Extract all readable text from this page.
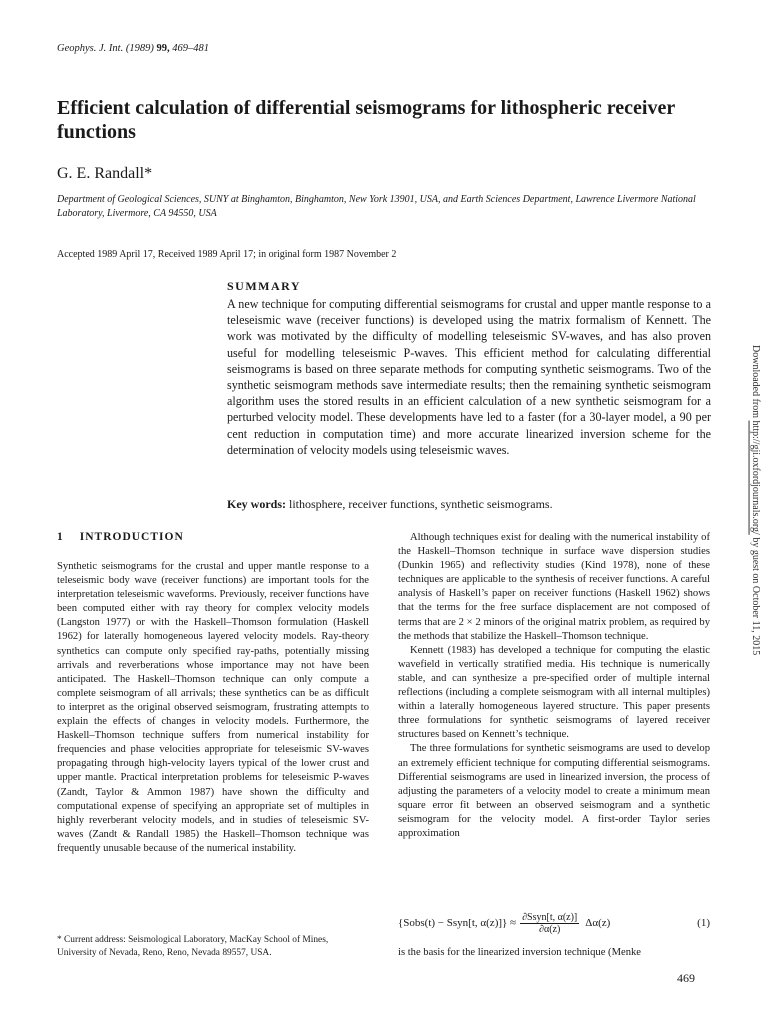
Geophys. J. Int. (1989) 99, 469–481
Efficient calculation of differential seismograms for lithospheric receiver functions
G. E. Randall*
Department of Geological Sciences, SUNY at Binghamton, Binghamton, New York 13901, USA, and Earth Sciences Department, Lawrence Livermore National Laboratory, Livermore, CA 94550, USA
Accepted 1989 April 17, Received 1989 April 17; in original form 1987 November 2
SUMMARY
A new technique for computing differential seismograms for crustal and upper mantle response to a teleseismic wave (receiver functions) is developed using the matrix formalism of Kennett. The work was motivated by the difficulty of modelling teleseismic SV-waves, and has also proven useful for modelling teleseismic P-waves. This efficient method for calculating differential seismograms is based on three separate methods for computing synthetic seismograms. Two of the synthetic seismogram methods save intermediate results; then the remaining synthetic seismogram algorithm uses the stored results in an efficient calculation of a new synthetic seismogram for a perturbed velocity model. These developments have led to a faster (for a 30-layer model, a 90 per cent reduction in computation time) and more accurate linearized inversion scheme for the determination of velocity models using teleseismic waves.
Key words: lithosphere, receiver functions, synthetic seismograms.
1 INTRODUCTION

Synthetic seismograms for the crustal and upper mantle response to a teleseismic body wave (receiver functions) are important tools for the interpretation teleseismic waveforms. Previously, receiver functions have been computed either with ray theory for complex velocity models (Langston 1977) or with the Haskell–Thomson formulation (Haskell 1962) for laterally homogeneous layered velocity models. Ray-theory synthetics can compute only specified ray-paths, potentially missing arrivals and reverberations whose importance may not have been anticipated. The Haskell–Thomson technique can only compute a complete seismogram of all arrivals; these synthetics can be as difficult to interpret as the original observed seismogram, frustrating attempts to explain the effects of changes in velocity models. Furthermore, the Haskell–Thomson technique suffers from numerical instability for frequencies and phase velocities appropriate for teleseismic SV-waves propagating through high-velocity layers typical of the lower crust and upper mantle. Practical interpretation problems for teleseismic P-waves (Zandt, Taylor & Ammon 1987) have shown the difficulty and computational expense of specifying an appropriate set of multiples in highly reverberant velocity models, and in studies of teleseismic SV-waves (Zandt & Randall 1985) the Haskell–Thomson technique was frequently unusable because of the numerical instability.

* Current address: Seismological Laboratory, MacKay School of Mines, University of Nevada, Reno, Reno, Nevada 89557, USA.

Although techniques exist for dealing with the numerical instability of the Haskell–Thomson technique in surface wave dispersion studies (Dunkin 1965) and reflectivity studies (Kind 1978), none of these techniques are applicable to the synthesis of receiver functions. A careful analysis of Haskell’s paper on receiver functions (Haskell 1962) shows that the terms for the free surface displacement are not composed of terms that are 2 × 2 minors of the original matrix problem, as required by the methods that stabilize the Haskell–Thomson technique.

Kennett (1983) has developed a technique for computing the elastic wavefield in vertically stratified media. His technique is numerically stable, and can synthesize a pre-specified order of multiple internal reflections (including a complete seismogram with all internal multiples) within a laterally homogeneous layered structure. This paper presents three formulations for synthetic seismograms of layered receiver structures based on Kennett’s technique.

The three formulations for synthetic seismograms are used to develop an extremely efficient technique for computing differential seismograms. Differential seismograms are used in linearized inversion, the process of adjusting the parameters of a velocity model to create a minimum mean square error fit between an observed seismogram and a synthetic seismogram for the velocity model. A first-order Taylor series approximation

{Sobs(t) − Ssyn[t, $\alpha(z)]\} \approx \frac{\text{∂Ssyn[t, α(z)]}}{\partial\alpha(z)} \Delta\alpha(z)$	(1)
is the basis for the linearized inversion technique (Menke
469
Downloaded from http://gji.oxfordjournals.org/ by guest on October 11, 2015
